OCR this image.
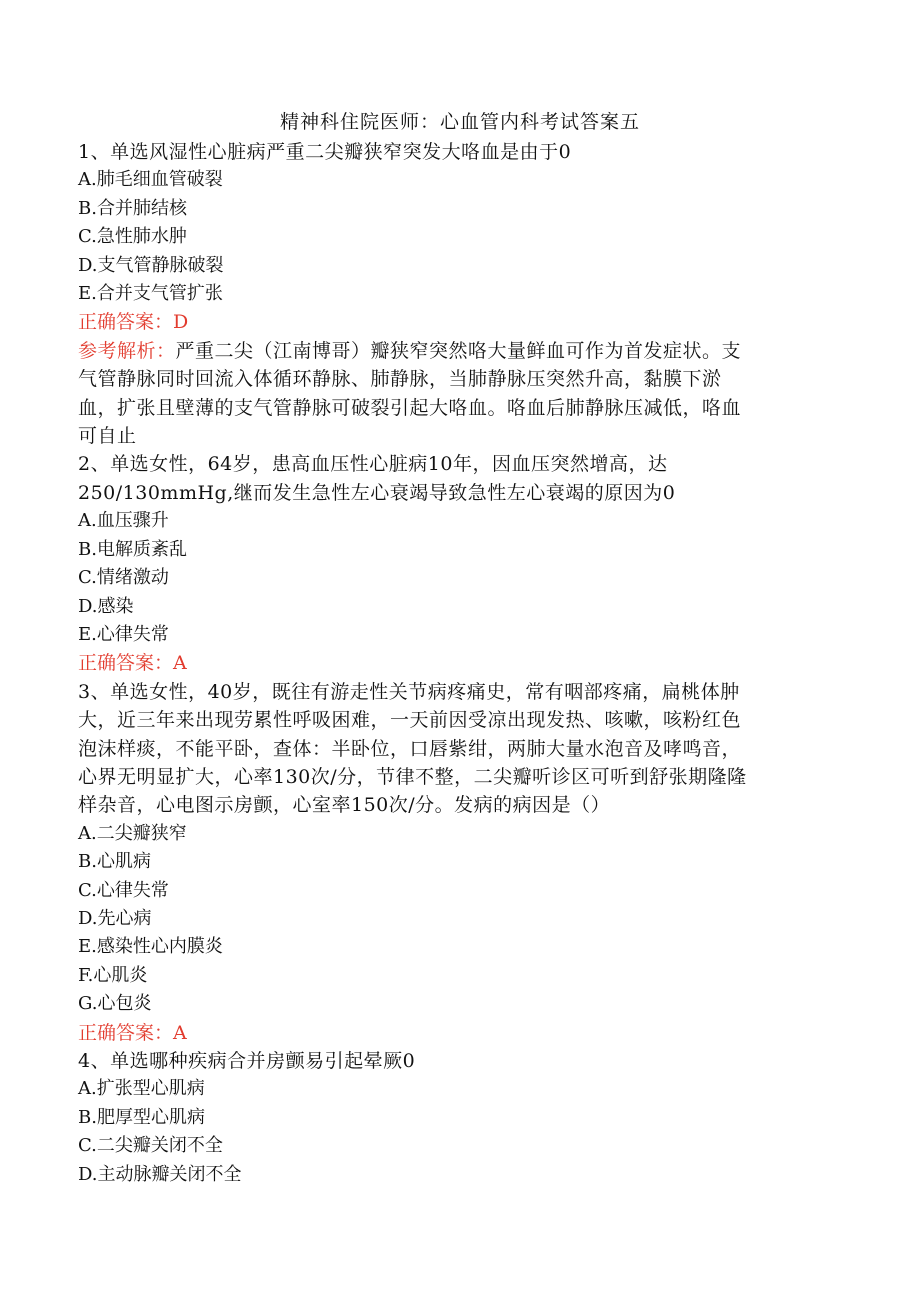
精神科住院医师：心血管内科考试答案五
1、单选风湿性心脏病严重二尖瓣狭窄突发大咯血是由于0
A.肺毛细血管破裂
B.合并肺结核
C.急性肺水肿
D.支气管静脉破裂
E.合并支气管扩张
正确答案：D
参考解析：严重二尖（江南博哥）瓣狭窄突然咯大量鲜血可作为首发症状。支
气管静脉同时回流入体循环静脉、肺静脉，当肺静脉压突然升高，黏膜下淤
血，扩张且壁薄的支气管静脉可破裂引起大咯血。咯血后肺静脉压减低，咯血
可自止
2、单选女性，64岁，患高血压性心脏病10年，因血压突然增高，达
250/130mmHg,继而发生急性左心衰竭导致急性左心衰竭的原因为0
A.血压骤升
B.电解质紊乱
C.情绪激动
D.感染
E.心律失常
正确答案：A
3、单选女性，40岁，既往有游走性关节病疼痛史，常有咽部疼痛，扁桃体肿
大，近三年来出现劳累性呼吸困难，一天前因受凉出现发热、咳嗽，咳粉红色
泡沫样痰，不能平卧，查体：半卧位，口唇紫绀，两肺大量水泡音及哮鸣音，
心界无明显扩大，心率130次/分，节律不整，二尖瓣听诊区可听到舒张期隆隆
样杂音，心电图示房颤，心室率150次/分。发病的病因是（）
A.二尖瓣狭窄
B.心肌病
C.心律失常
D.先心病
E.感染性心内膜炎
F.心肌炎
G.心包炎
正确答案：A
4、单选哪种疾病合并房颤易引起晕厥0
A.扩张型心肌病
B.肥厚型心肌病
C.二尖瓣关闭不全
D.主动脉瓣关闭不全
